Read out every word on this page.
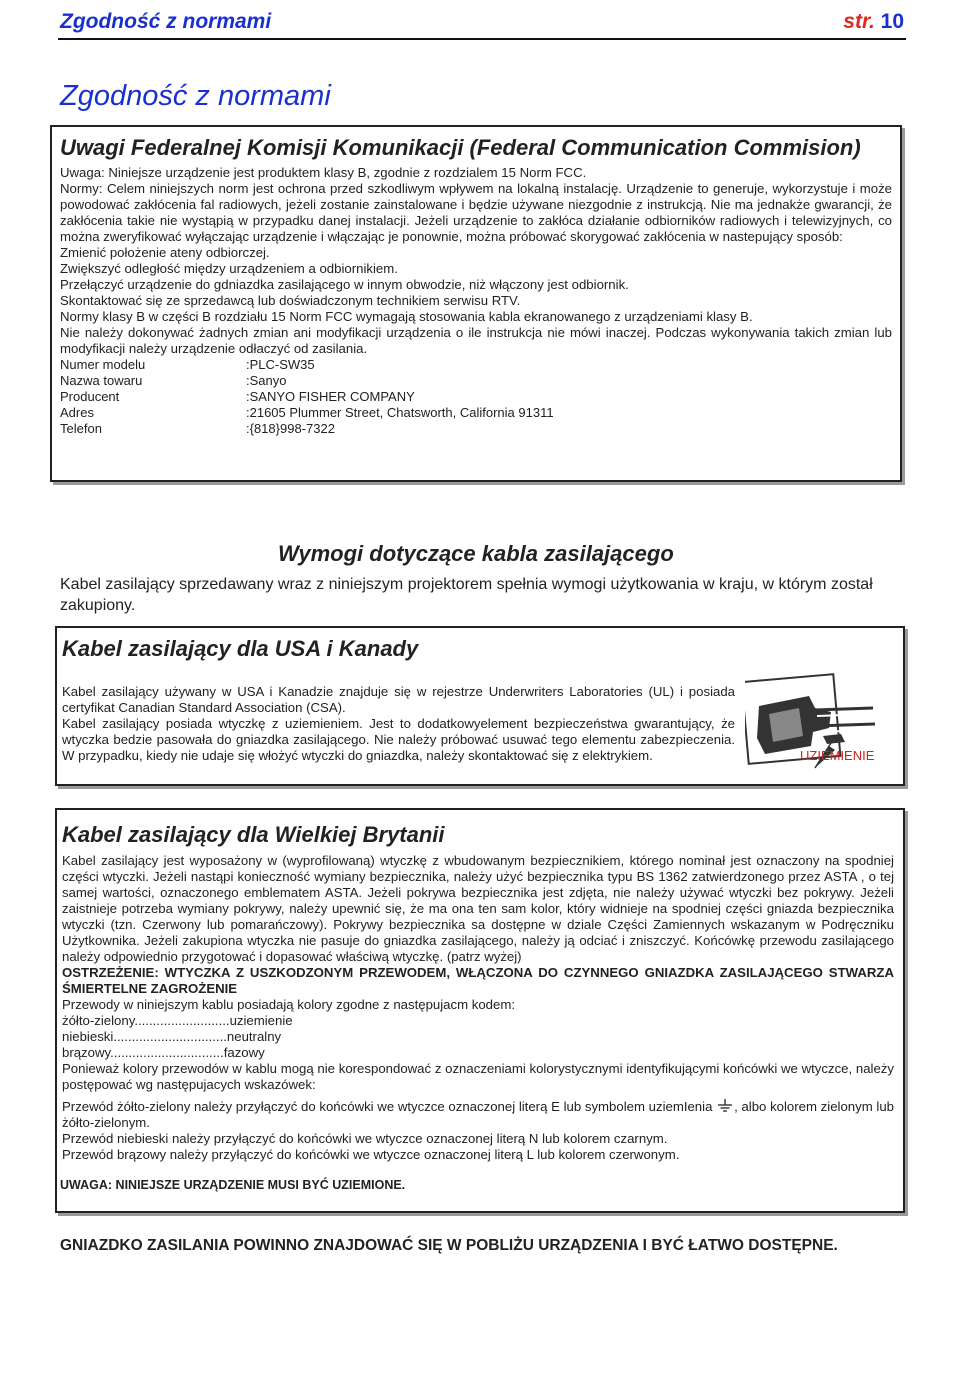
Zgodność z normami	str. 10
Zgodność z normami
Uwagi Federalnej Komisji Komunikacji (Federal Communication Commision)

Uwaga: Niniejsze urządzenie jest produktem klasy B, zgodnie z rozdzialem 15 Norm FCC.

Normy: Celem niniejszych norm jest ochrona przed szkodliwym wpływem na lokalną instalację. Urządzenie to generuje, wykorzystuje i może powodować zakłócenia fal radiowych, jeżeli zostanie zainstalowane i będzie używane niezgodnie z instrukcją. Nie ma jednakże gwarancji, że zakłócenia takie nie wystąpią w przypadku danej instalacji. Jeżeli urządzenie to zakłóca działanie odbiorników radiowych i telewizyjnych, co można zweryfikować wyłączając urządzenie i włączając je ponownie, można próbować skorygować zakłócenia w nastepujący sposób:

Zmienić położenie ateny odbiorczej.

Zwiększyć odległość między urządzeniem a odbiornikiem.

Przełączyć urządzenie do gdniazdka zasilającego w innym obwodzie, niż włączony jest odbiornik.

Skontaktować się ze sprzedawcą lub doświadczonym technikiem serwisu RTV.

Normy klasy B w części B rozdziału 15 Norm FCC wymagają stosowania kabla ekranowanego z urządzeniami klasy B.

Nie należy dokonywać żadnych zmian ani modyfikacji urządzenia o ile instrukcja nie mówi inaczej. Podczas wykonywania takich zmian lub modyfikacji należy urządzenie odłaczyć od zasilania.

Numer modelu	:PLC-SW35
Nazwa towaru	:Sanyo
Producent	:SANYO FISHER COMPANY
Adres	:21605 Plummer Street, Chatsworth, California 91311
Telefon	:{818}998-7322
Wymogi dotyczące kabla zasilającego
Kabel zasilający sprzedawany wraz z niniejszym projektorem spełnia wymogi użytkowania w kraju, w którym został zakupiony.
Kabel zasilający dla USA i Kanady

Kabel zasilający używany w USA i Kanadzie znajduje się w rejestrze Underwriters Laboratories (UL) i posiada certyfikat Canadian Standard Association (CSA).

Kabel zasilający posiada wtyczkę z uziemieniem. Jest to dodatkowyelement bezpieczeństwa gwarantujący, że wtyczka bedzie pasowała do gniazdka zasilającego. Nie należy próbować usuwać tego elementu zabezpieczenia. W przypadku, kiedy nie udaje się włożyć wtyczki do gniazdka, należy skontaktować się z elektrykiem.	UZIEMIENIE
Kabel zasilający dla Wielkiej Brytanii

Kabel zasilający jest wyposażony w (wyprofilowaną) wtyczkę z wbudowanym bezpiecznikiem, którego nominał jest oznaczony na spodniej części wtyczki. Jeżeli nastąpi konieczność wymiany bezpiecznika, należy użyć bezpiecznika typu BS 1362 zatwierdzonego przez ASTA , o tej samej wartości, oznaczonego emblematem ASTA. Jeżeli pokrywa bezpiecznika jest zdjęta, nie należy używać wtyczki bez pokrywy. Jeżeli zaistnieje potrzeba wymiany pokrywy, należy upewnić się, że ma ona ten sam kolor, który widnieje na spodniej części gniazda bezpiecznika wtyczki (tzn. Czerwony lub pomarańczowy). Pokrywy bezpiecznika sa dostępne w dziale Części Zamiennych wskazanym w Podręczniku Użytkownika. Jeżeli zakupiona wtyczka nie pasuje do gniazdka zasilającego, należy ją odciać i zniszczyć. Końcówkę przewodu zasilającego należy odpowiednio przygotować i dopasować właściwą wtyczkę. (patrz wyżej)

OSTRZEŻENIE: WTYCZKA Z USZKODZONYM PRZEWODEM, WŁĄCZONA DO CZYNNEGO GNIAZDKA ZASILAJĄCEGO STWARZA ŚMIERTELNE ZAGROŻENIE

Przewody w niniejszym kablu posiadają kolory zgodne z następujacm kodem:

żółto-zielony..........................uziemienie

niebieski...............................neutralny

brązowy...............................fazowy

Ponieważ kolory przewodów w kablu mogą nie korespondować z oznaczeniami kolorystycznymi identyfikującymi końcówki we wtyczce, należy postępować wg następujacych wskazówek:

Przewód żółto-zielony należy przyłączyć do końcówki we wtyczce oznaczonej literą E lub symbolem uziemIenia , albo kolorem zielonym lub żółto-zielonym.

Przewód niebieski należy przyłączyć do końcówki we wtyczce oznaczonej literą N lub kolorem czarnym.

Przewód brązowy należy przyłączyć do końcówki we wtyczce oznaczonej literą L lub kolorem czerwonym.

UWAGA: NINIEJSZE URZĄDZENIE MUSI BYĆ UZIEMIONE.
GNIAZDKO ZASILANIA POWINNO ZNAJDOWAĆ SIĘ W POBLIŻU URZĄDZENIA I BYĆ ŁATWO DOSTĘPNE.
